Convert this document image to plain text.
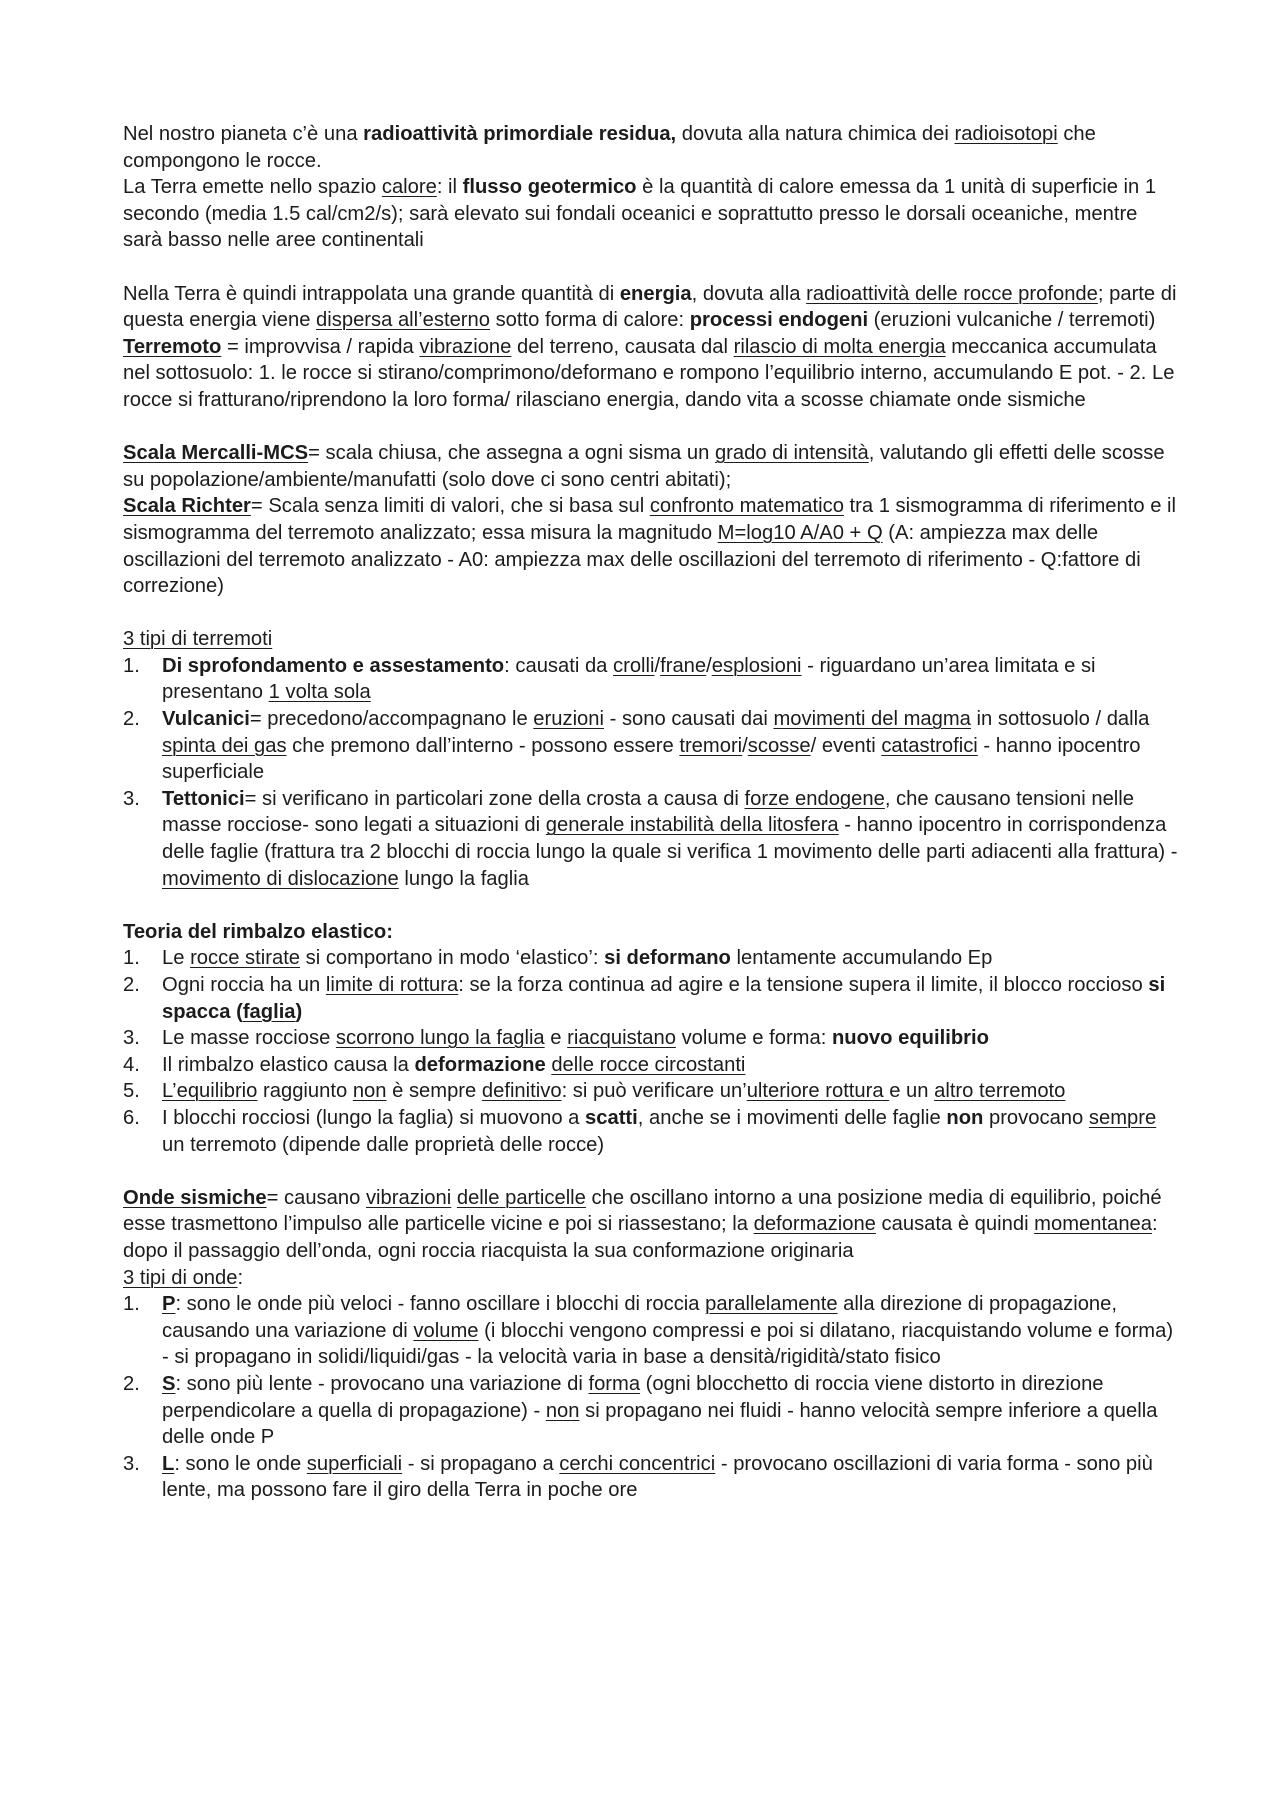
Nel nostro pianeta c’è una radioattività primordiale residua, dovuta alla natura chimica dei radioisotopi che compongono le rocce.

La Terra emette nello spazio calore: il flusso geotermico è la quantità di calore emessa da 1 unità di superficie in 1 secondo (media 1.5 cal/cm2/s); sarà elevato sui fondali oceanici e soprattutto presso le dorsali oceaniche, mentre sarà basso nelle aree continentali

Nella Terra è quindi intrappolata una grande quantità di energia, dovuta alla radioattività delle rocce profonde; parte di questa energia viene dispersa all’esterno sotto forma di calore: processi endogeni (eruzioni vulcaniche / terremoti)

Terremoto = improvvisa / rapida vibrazione del terreno, causata dal rilascio di molta energia meccanica accumulata nel sottosuolo: 1. le rocce si stirano/comprimono/deformano e rompono l’equilibrio interno, accumulando E pot. - 2. Le rocce si fratturano/riprendono la loro forma/ rilasciano energia, dando vita a scosse chiamate onde sismiche

Scala Mercalli-MCS= scala chiusa, che assegna a ogni sisma un grado di intensità, valutando gli effetti delle scosse su popolazione/ambiente/manufatti (solo dove ci sono centri abitati);

Scala Richter= Scala senza limiti di valori, che si basa sul confronto matematico tra 1 sismogramma di riferimento e il sismogramma del terremoto analizzato; essa misura la magnitudo M=log10 A/A0 + Q (A: ampiezza max delle oscillazioni del terremoto analizzato - A0: ampiezza max delle oscillazioni del terremoto di riferimento - Q:fattore di correzione)

3 tipi di terremoti

1. Di sprofondamento e assestamento: causati da crolli/frane/esplosioni - riguardano un’area limitata e si presentano 1 volta sola
2. Vulcanici= precedono/accompagnano le eruzioni - sono causati dai movimenti del magma in sottosuolo / dalla spinta dei gas che premono dall’interno - possono essere tremori/scosse/ eventi catastrofici - hanno ipocentro superficiale
3. Tettonici= si verificano in particolari zone della crosta a causa di forze endogene, che causano tensioni nelle masse rocciose- sono legati a situazioni di generale instabilità della litosfera - hanno ipocentro in corrispondenza delle faglie (frattura tra 2 blocchi di roccia lungo la quale si verifica 1 movimento delle parti adiacenti alla frattura) - movimento di dislocazione lungo la faglia

Teoria del rimbalzo elastico:

1. Le rocce stirate si comportano in modo ‘elastico’: si deformano lentamente accumulando Ep
2. Ogni roccia ha un limite di rottura: se la forza continua ad agire e la tensione supera il limite, il blocco roccioso si spacca (faglia)
3. Le masse rocciose scorrono lungo la faglia e riacquistano volume e forma: nuovo equilibrio
4. Il rimbalzo elastico causa la deformazione delle rocce circostanti
5. L’equilibrio raggiunto non è sempre definitivo: si può verificare un’ulteriore rottura e un altro terremoto
6. I blocchi rocciosi (lungo la faglia) si muovono a scatti, anche se i movimenti delle faglie non provocano sempre un terremoto (dipende dalle proprietà delle rocce)

Onde sismiche= causano vibrazioni delle particelle che oscillano intorno a una posizione media di equilibrio, poiché esse trasmettono l’impulso alle particelle vicine e poi si riassestano; la deformazione causata è quindi momentanea: dopo il passaggio dell’onda, ogni roccia riacquista la sua conformazione originaria

3 tipi di onde:

1. P: sono le onde più veloci - fanno oscillare i blocchi di roccia parallelamente alla direzione di propagazione, causando una variazione di volume (i blocchi vengono compressi e poi si dilatano, riacquistando volume e forma) - si propagano in solidi/liquidi/gas - la velocità varia in base a densità/rigidità/stato fisico
2. S: sono più lente - provocano una variazione di forma (ogni blocchetto di roccia viene distorto in direzione perpendicolare a quella di propagazione) - non si propagano nei fluidi - hanno velocità sempre inferiore a quella delle onde P
3. L: sono le onde superficiali - si propagano a cerchi concentrici - provocano oscillazioni di varia forma - sono più lente, ma possono fare il giro della Terra in poche ore
